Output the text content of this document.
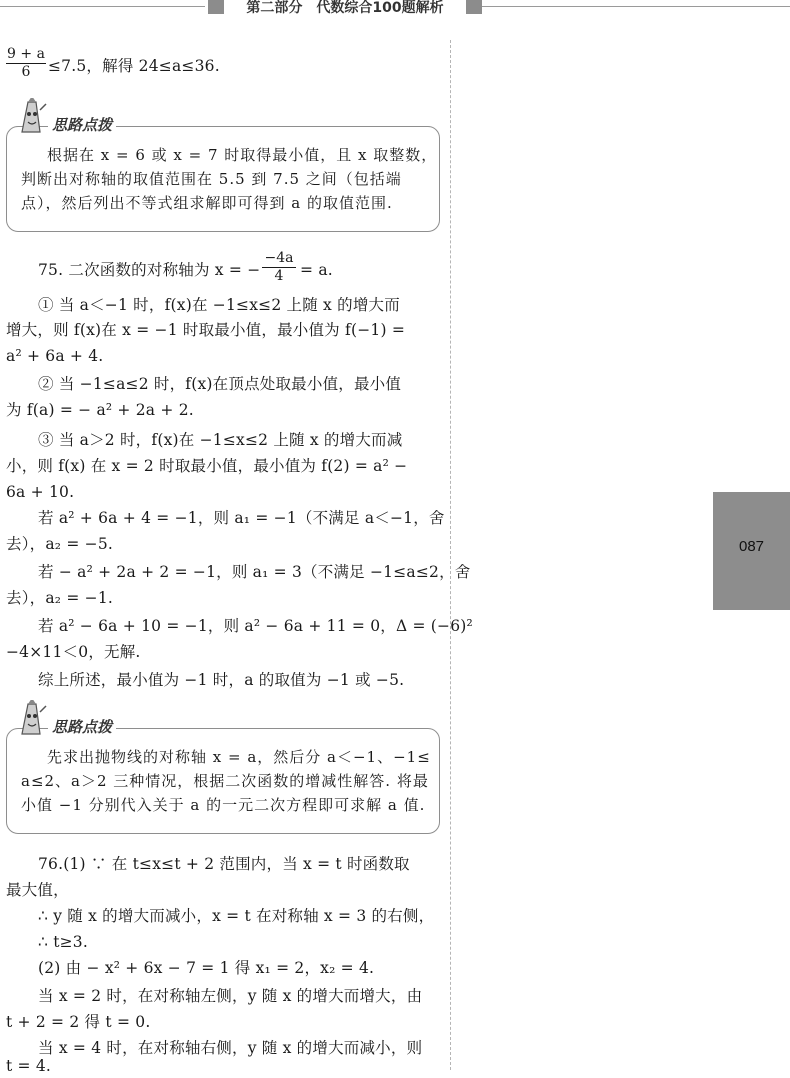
第二部分　代数综合100题解析
087
9 + a
6	≤7.5，解得 24≤a≤36.
根据在 x = 6 或 x = 7 时取得最小值，且 x 取整数，
判断出对称轴的取值范围在 5.5 到 7.5 之间（包括端
点），然后列出不等式组求解即可得到 a 的取值范围.
思路点拨
75. 二次函数的对称轴为 x = −
−4a
4	= a.
① 当 a＜−1 时，f(x)在 −1≤x≤2 上随 x 的增大而
增大，则 f(x)在 x = −1 时取最小值，最小值为 f(−1) =
a² + 6a + 4.
② 当 −1≤a≤2 时，f(x)在顶点处取最小值，最小值
为 f(a) = − a² + 2a + 2.
③ 当 a＞2 时，f(x)在 −1≤x≤2 上随 x 的增大而减
小，则 f(x) 在 x = 2 时取最小值，最小值为 f(2) = a² −
6a + 10.
若 a² + 6a + 4 = −1，则 a₁ = −1（不满足 a＜−1，舍
去），a₂ = −5.
若 − a² + 2a + 2 = −1，则 a₁ = 3（不满足 −1≤a≤2，舍
去），a₂ = −1.
若 a² − 6a + 10 = −1，则 a² − 6a + 11 = 0，Δ = (−6)²
−4×11＜0，无解.
综上所述，最小值为 −1 时，a 的取值为 −1 或 −5.
先求出抛物线的对称轴 x = a，然后分 a＜−1、−1≤
a≤2、a＞2 三种情况，根据二次函数的增减性解答. 将最
小值 −1 分别代入关于 a 的一元二次方程即可求解 a 值.
思路点拨
76.(1) ∵ 在 t≤x≤t + 2 范围内，当 x = t 时函数取
最大值，
∴ y 随 x 的增大而减小，x = t 在对称轴 x = 3 的右侧，
∴ t≥3.
(2) 由 − x² + 6x − 7 = 1 得 x₁ = 2，x₂ = 4.
当 x = 2 时，在对称轴左侧，y 随 x 的增大而增大，由
t + 2 = 2 得 t = 0.
当 x = 4 时，在对称轴右侧，y 随 x 的增大而减小，则
t = 4.
